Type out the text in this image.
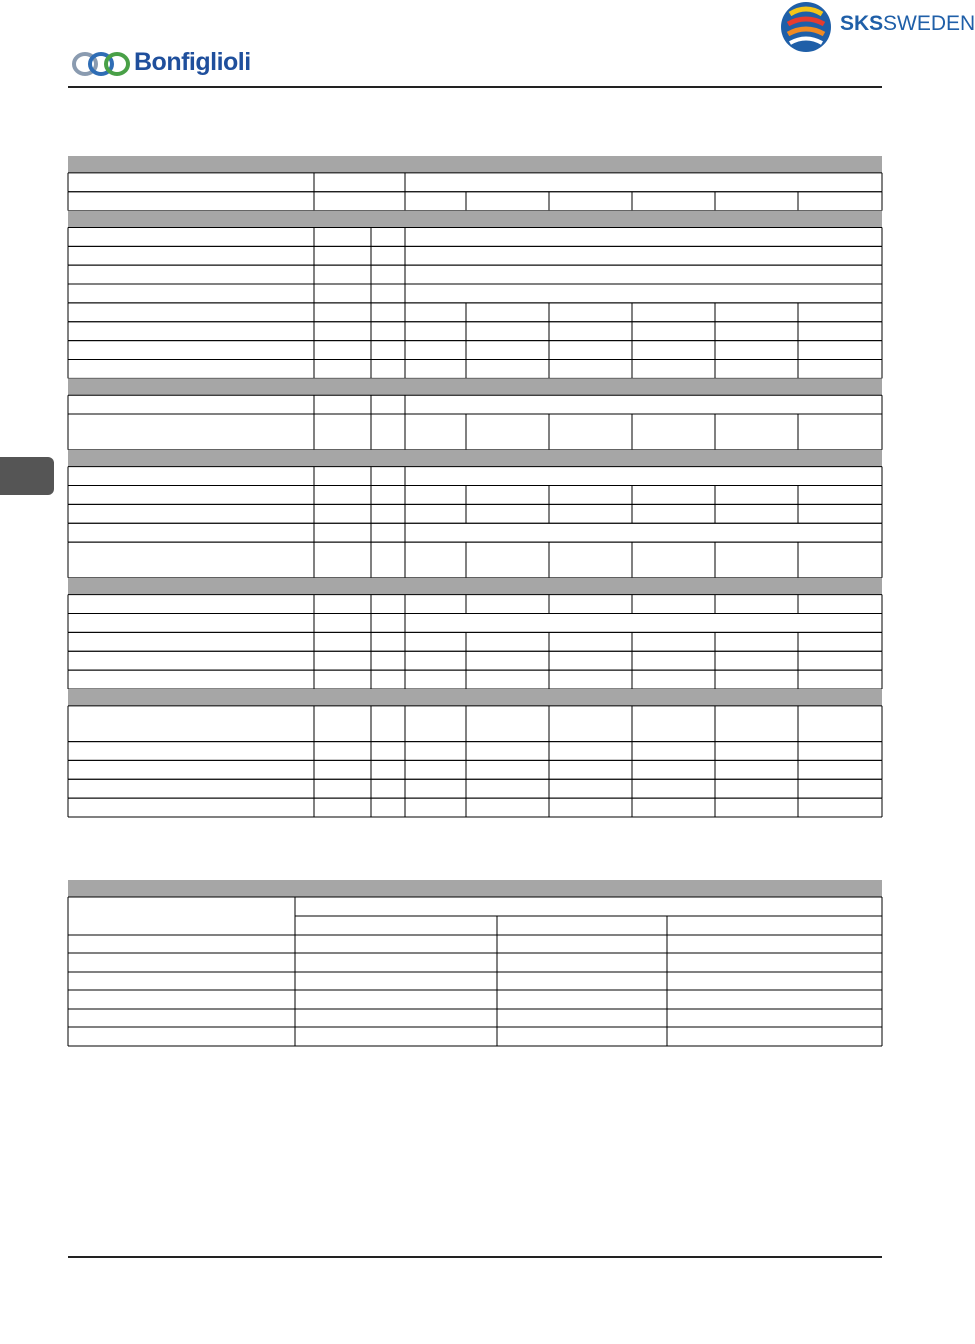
Bonfiglioli
SKS SWEDEN
